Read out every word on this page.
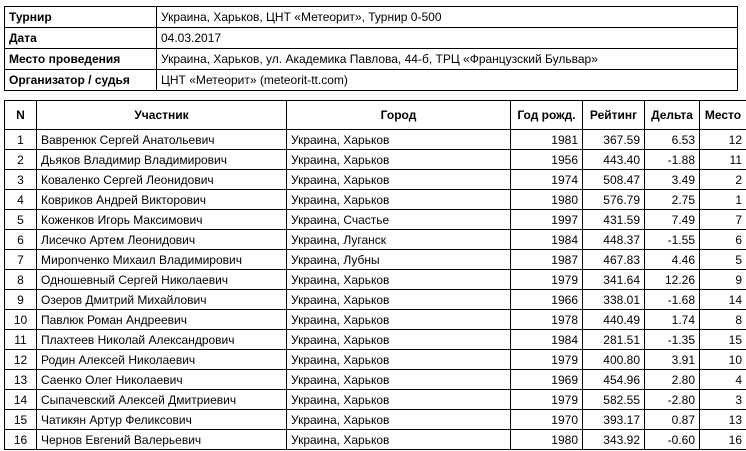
Турнир	Украина, Харьков, ЦНТ «Метеорит», Турнир 0-500
Дата	04.03.2017
Место проведения	Украина, Харьков, ул. Академика Павлова, 44-б, ТРЦ «Французский Бульвар»
Организатор / судья	ЦНТ «Метеорит» (meteorit-tt.com)
N	Участник	Город	Год рожд.	Рейтинг	Дельта	Место
1	Вавренюк Сергей Анатольевич	Украина, Харьков	1981	367.59	6.53	12
2	Дьяков Владимир Владимирович	Украина, Харьков	1956	443.40	-1.88	11
3	Коваленко Сергей Леонидович	Украина, Харьков	1974	508.47	3.49	2
4	Ковриков Андрей Викторович	Украина, Харьков	1980	576.79	2.75	1
5	Коженков Игорь Максимович	Украина, Счастье	1997	431.59	7.49	7
6	Лисечко Артем Леонидович	Украина, Луганск	1984	448.37	-1.55	6
7	Мирonченко Михаил Владимирович	Украина, Лубны	1987	467.83	4.46	5
8	Одношевный Сергей Николаевич	Украина, Харьков	1979	341.64	12.26	9
9	Озеров Дмитрий Михайлович	Украина, Харьков	1966	338.01	-1.68	14
10	Павлюк Роман Андреевич	Украина, Харьков	1978	440.49	1.74	8
11	Плахтеев Николай Александрович	Украина, Харьков	1984	281.51	-1.35	15
12	Родин Алексей Николаевич	Украина, Харьков	1979	400.80	3.91	10
13	Саенко Олег Николаевич	Украина, Харьков	1969	454.96	2.80	4
14	Сыпачевский Алексей Дмитриевич	Украина, Харьков	1979	582.55	-2.80	3
15	Чатикян Артур Феликсович	Украина, Харьков	1970	393.17	0.87	13
16	Чернов Евгений Валерьевич	Украина, Харьков	1980	343.92	-0.60	16
